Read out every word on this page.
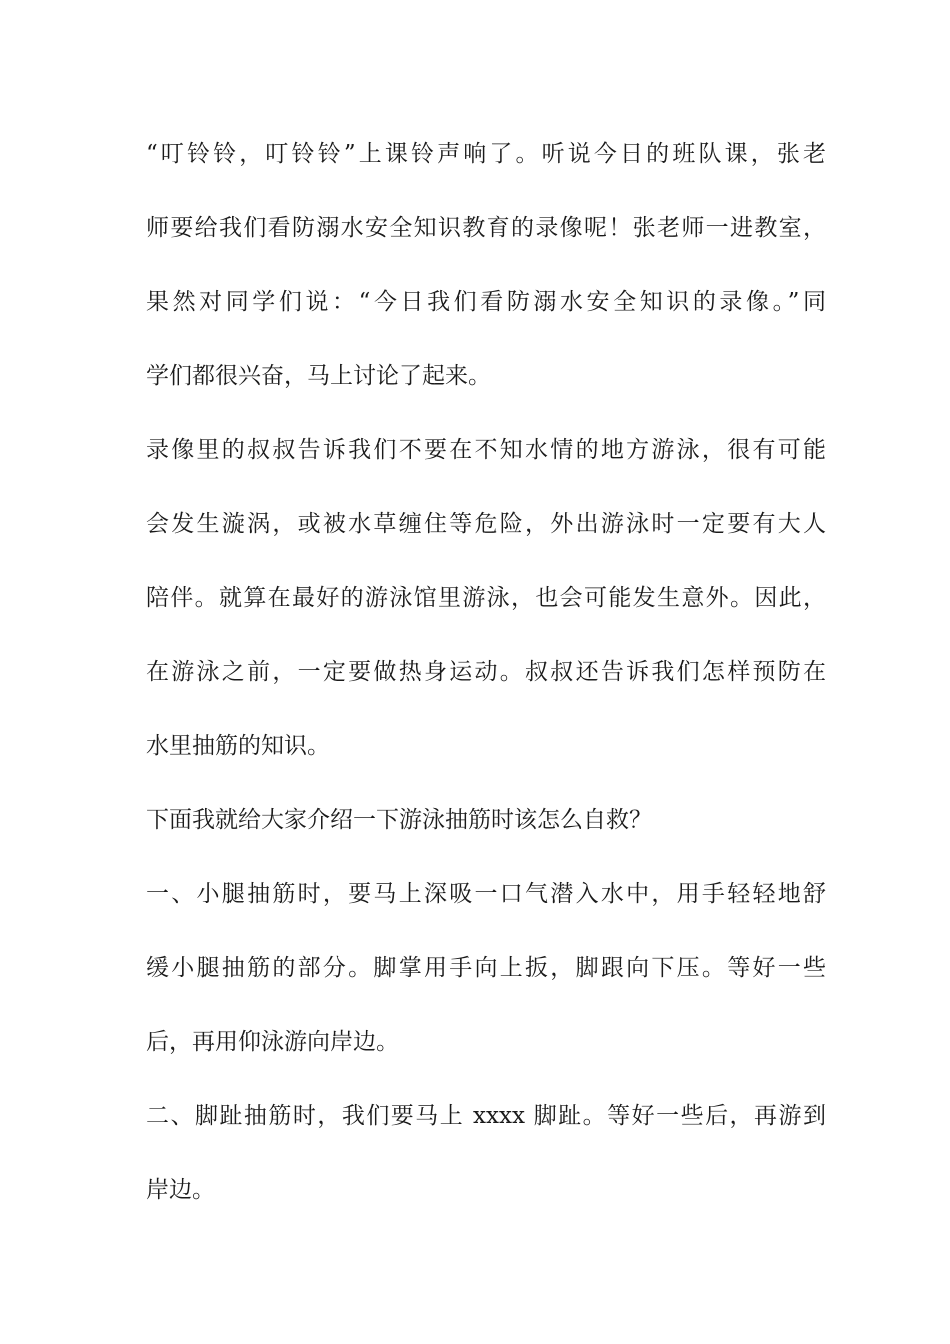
“叮铃铃，叮铃铃”上课铃声响了。听说今日的班队课，张老
师要给我们看防溺水安全知识教育的录像呢！张老师一进教室，
果然对同学们说：“今日我们看防溺水安全知识的录像。”同
学们都很兴奋，马上讨论了起来。
录像里的叔叔告诉我们不要在不知水情的地方游泳，很有可能
会发生漩涡，或被水草缠住等危险，外出游泳时一定要有大人
陪伴。就算在最好的游泳馆里游泳，也会可能发生意外。因此，
在游泳之前，一定要做热身运动。叔叔还告诉我们怎样预防在
水里抽筋的知识。
下面我就给大家介绍一下游泳抽筋时该怎么自救？
一、小腿抽筋时，要马上深吸一口气潜入水中，用手轻轻地舒
缓小腿抽筋的部分。脚掌用手向上扳，脚跟向下压。等好一些
后，再用仰泳游向岸边。
二、脚趾抽筋时，我们要马上 xxxx 脚趾。等好一些后，再游到
岸边。
